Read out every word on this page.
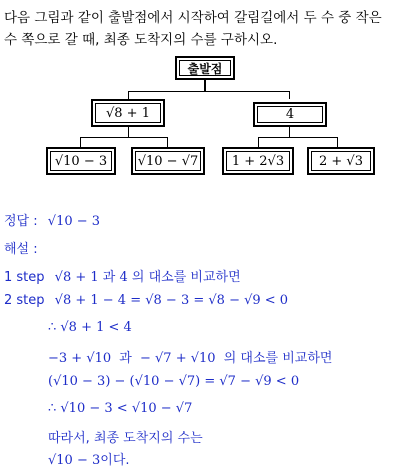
다음 그림과 같이 출발점에서 시작하여 갈림길에서 두 수 중 작은
수 쪽으로 갈 때, 최종 도착지의 수를 구하시오.
출발점
√8 + 1	4
√10 − 3 √10 − √7	1 + 2√3	2 + √3
정답 : √10 − 3
해설 :
1 step √8 + 1 과 4 의 대소를 비교하면
2 step √8 + 1 − 4 = √8 − 3 = √8 − √9 < 0
∴ √8 + 1 < 4
−3 + √10 과 − √7 + √10 의 대소를 비교하면
(√10 − 3) − (√10 − √7) = √7 − √9 < 0
∴ √10 − 3 < √10 − √7
따라서, 최종 도착지의 수는
√10 − 3이다.
